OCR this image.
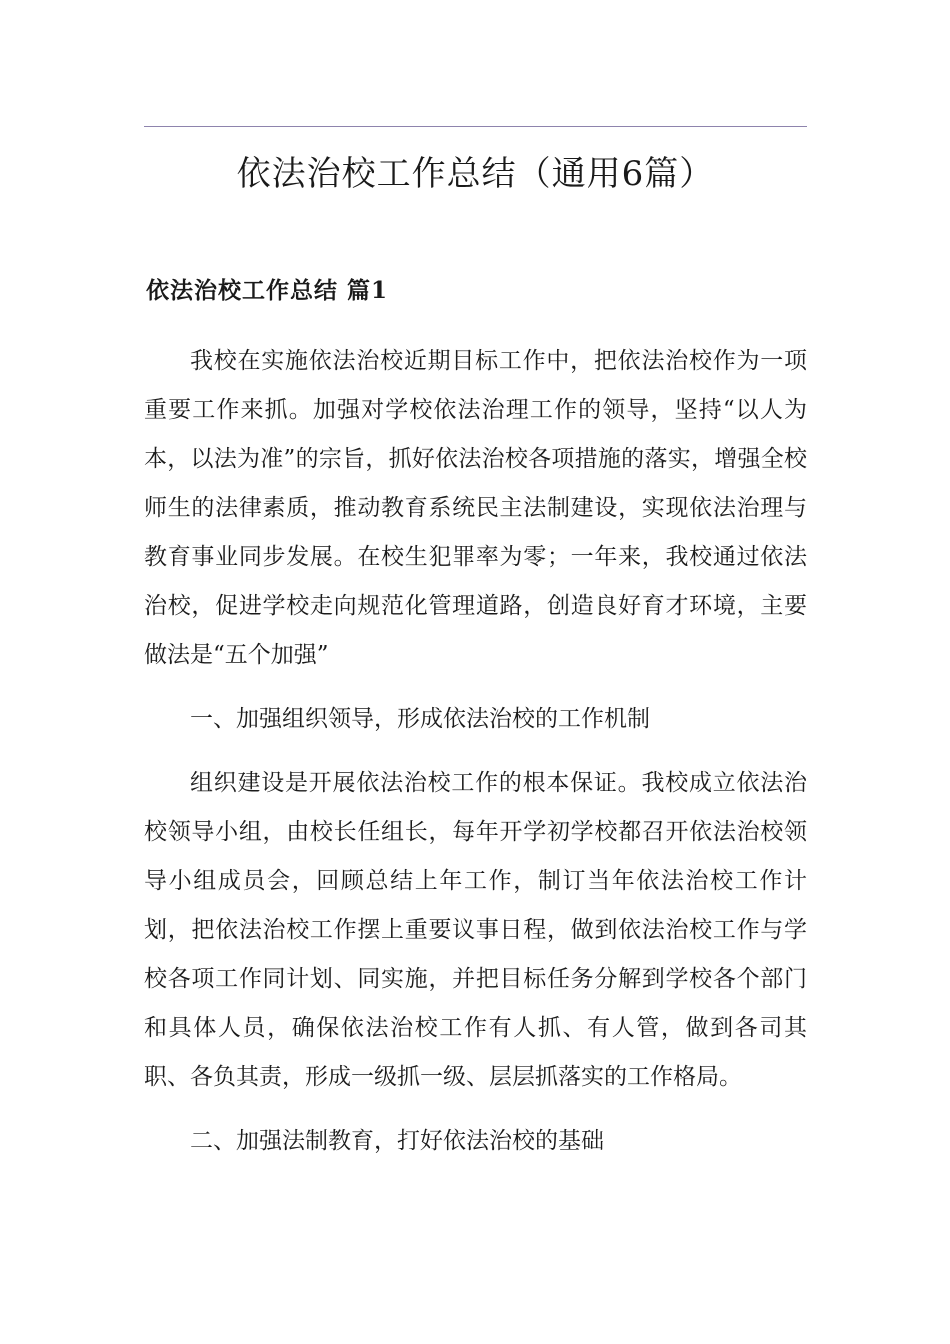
依法治校工作总结（通用6篇）
依法治校工作总结 篇1

我校在实施依法治校近期目标工作中，把依法治校作为一项重要工作来抓。加强对学校依法治理工作的领导，坚持“以人为本，以法为准”的宗旨，抓好依法治校各项措施的落实，增强全校师生的法律素质，推动教育系统民主法制建设，实现依法治理与教育事业同步发展。在校生犯罪率为零；一年来，我校通过依法治校，促进学校走向规范化管理道路，创造良好育才环境，主要做法是“五个加强”

一、加强组织领导，形成依法治校的工作机制

组织建设是开展依法治校工作的根本保证。我校成立依法治校领导小组，由校长任组长，每年开学初学校都召开依法治校领导小组成员会，回顾总结上年工作，制订当年依法治校工作计划，把依法治校工作摆上重要议事日程，做到依法治校工作与学校各项工作同计划、同实施，并把目标任务分解到学校各个部门和具体人员，确保依法治校工作有人抓、有人管，做到各司其职、各负其责，形成一级抓一级、层层抓落实的工作格局。

二、加强法制教育，打好依法治校的基础
